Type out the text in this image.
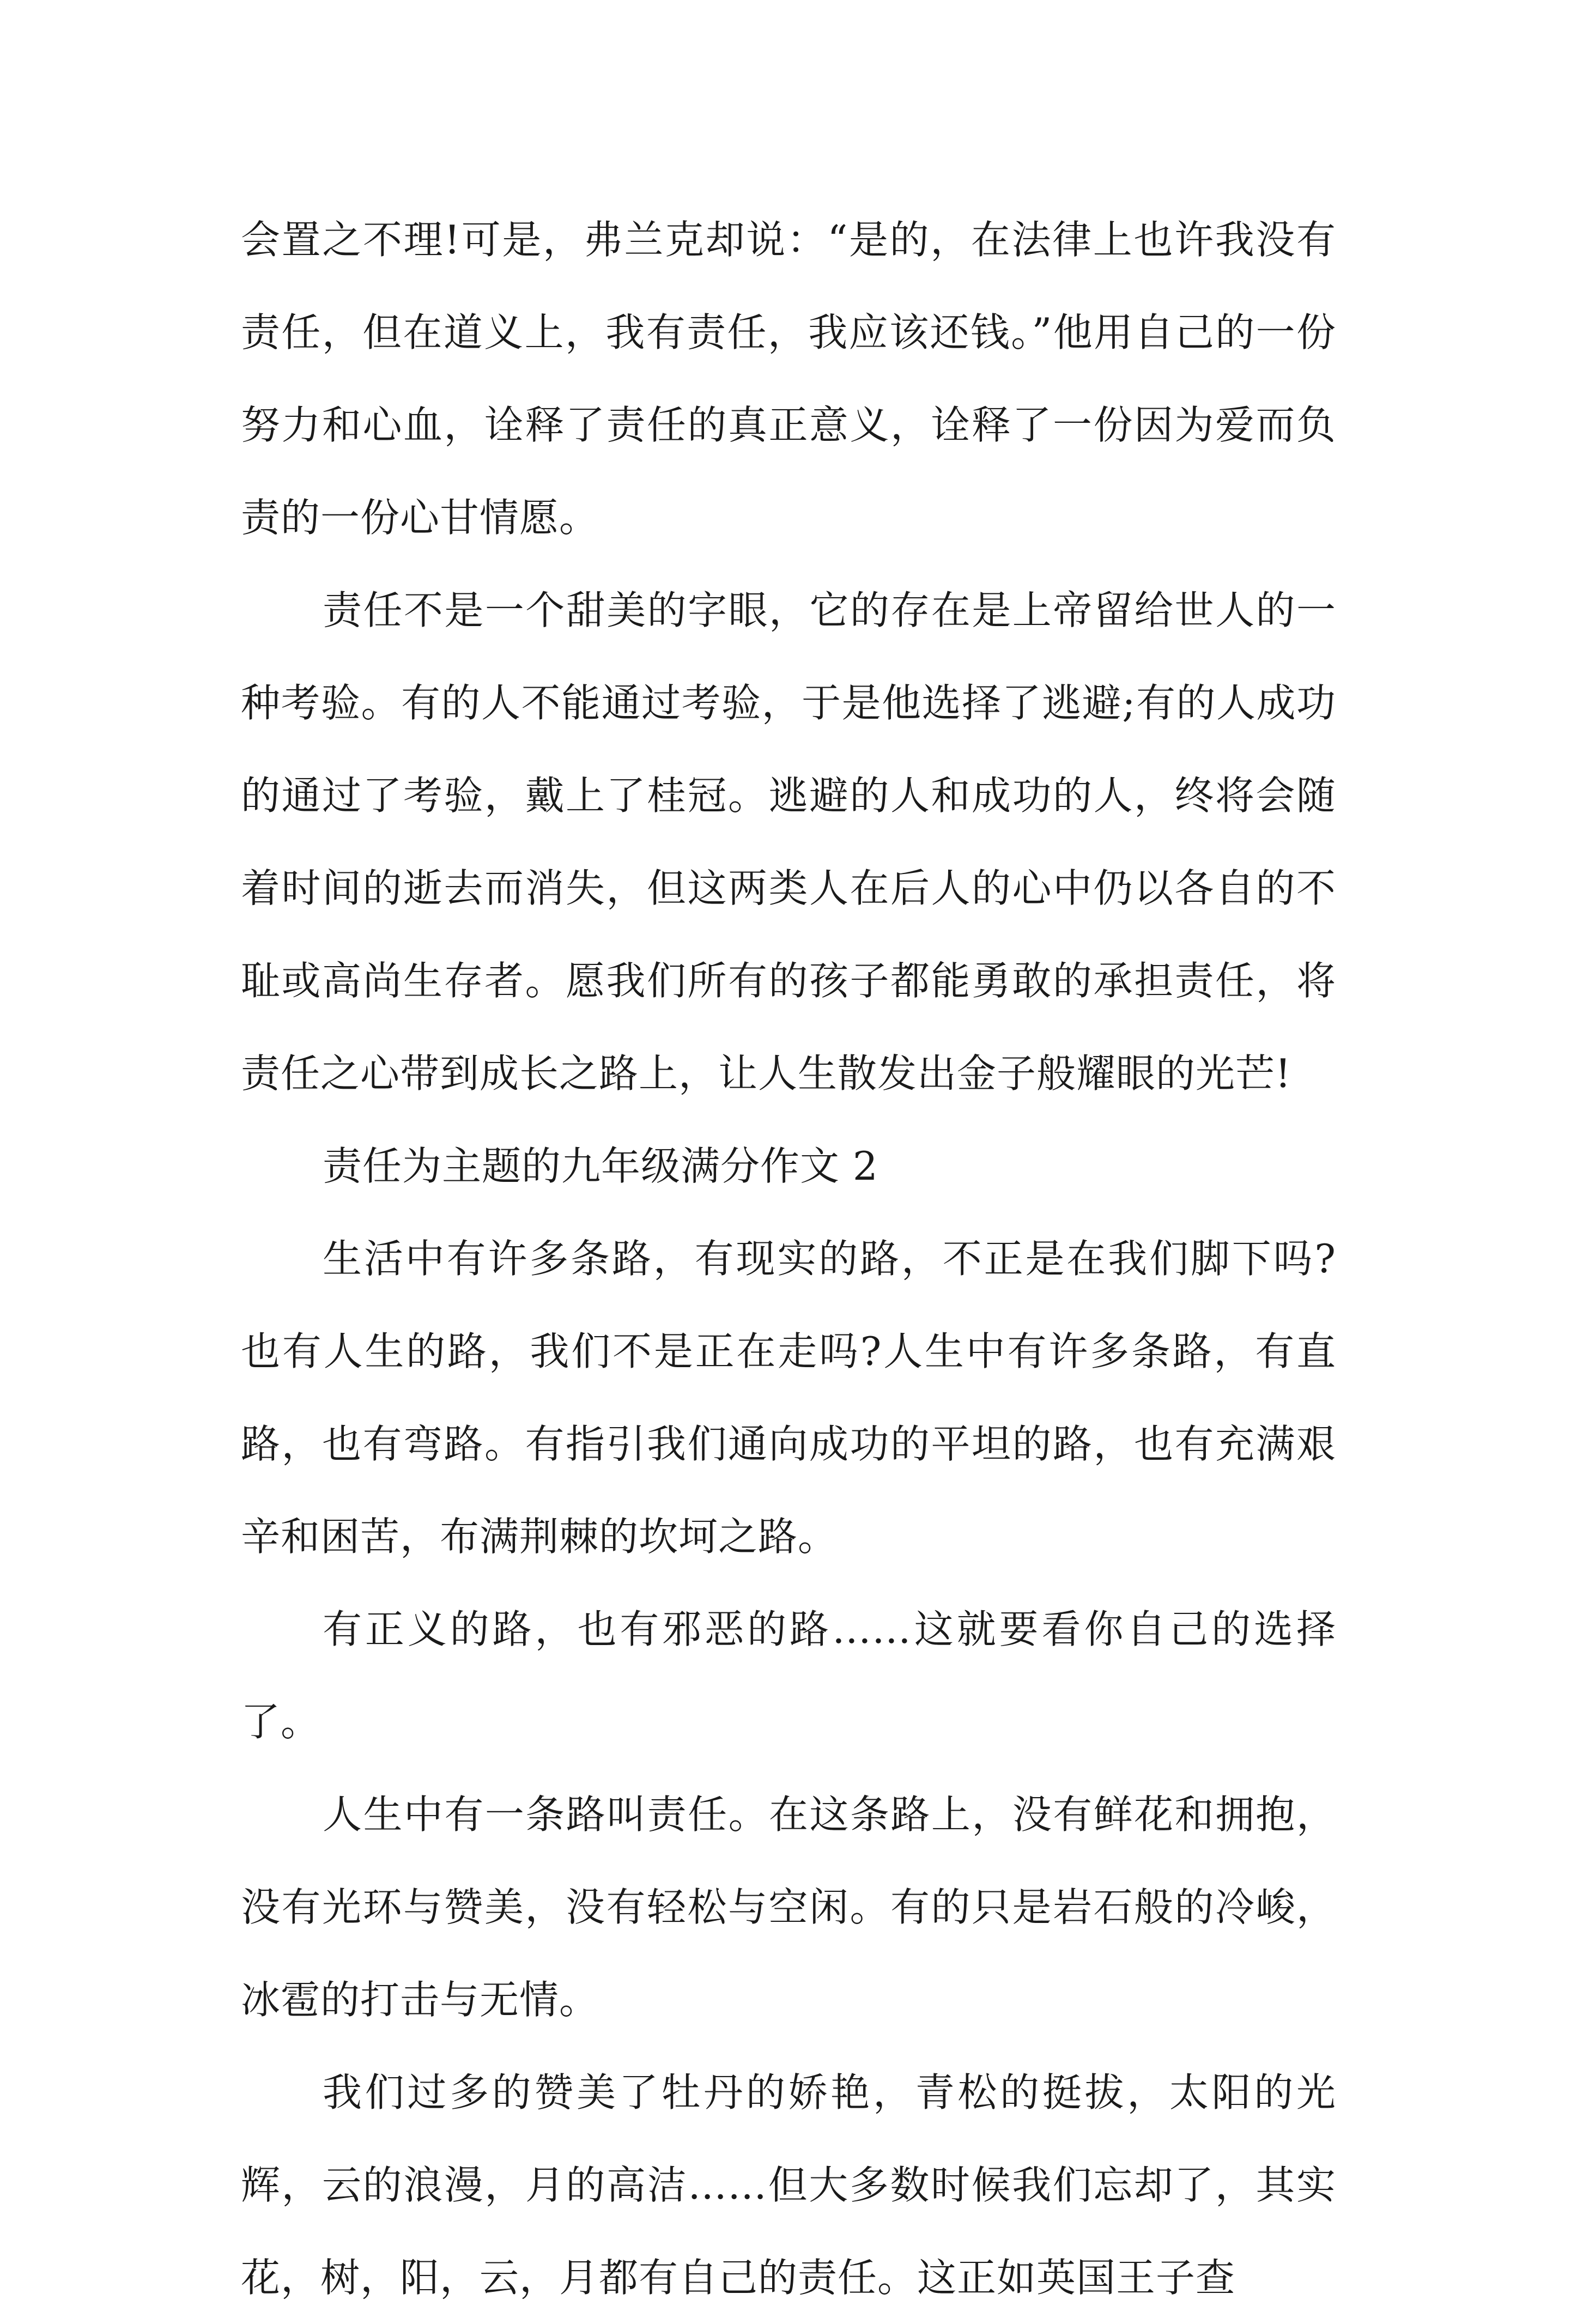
会置之不理!可是，弗兰克却说：“是的，在法律上也许我没有责任，但在道义上，我有责任，我应该还钱。”他用自己的一份努力和心血，诠释了责任的真正意义，诠释了一份因为爱而负责的一份心甘情愿。

责任不是一个甜美的字眼，它的存在是上帝留给世人的一种考验。有的人不能通过考验，于是他选择了逃避;有的人成功的通过了考验，戴上了桂冠。逃避的人和成功的人，终将会随着时间的逝去而消失，但这两类人在后人的心中仍以各自的不耻或高尚生存者。愿我们所有的孩子都能勇敢的承担责任，将责任之心带到成长之路上，让人生散发出金子般耀眼的光芒!

责任为主题的九年级满分作文 2

生活中有许多条路，有现实的路，不正是在我们脚下吗?也有人生的路，我们不是正在走吗?人生中有许多条路，有直路，也有弯路。有指引我们通向成功的平坦的路，也有充满艰辛和困苦，布满荆棘的坎坷之路。

有正义的路，也有邪恶的路……这就要看你自己的选择了。

人生中有一条路叫责任。在这条路上，没有鲜花和拥抱，没有光环与赞美，没有轻松与空闲。有的只是岩石般的冷峻，冰雹的打击与无情。

我们过多的赞美了牡丹的娇艳，青松的挺拔，太阳的光辉，云的浪漫，月的高洁……但大多数时候我们忘却了，其实花，树，阳，云，月都有自己的责任。这正如英国王子查
